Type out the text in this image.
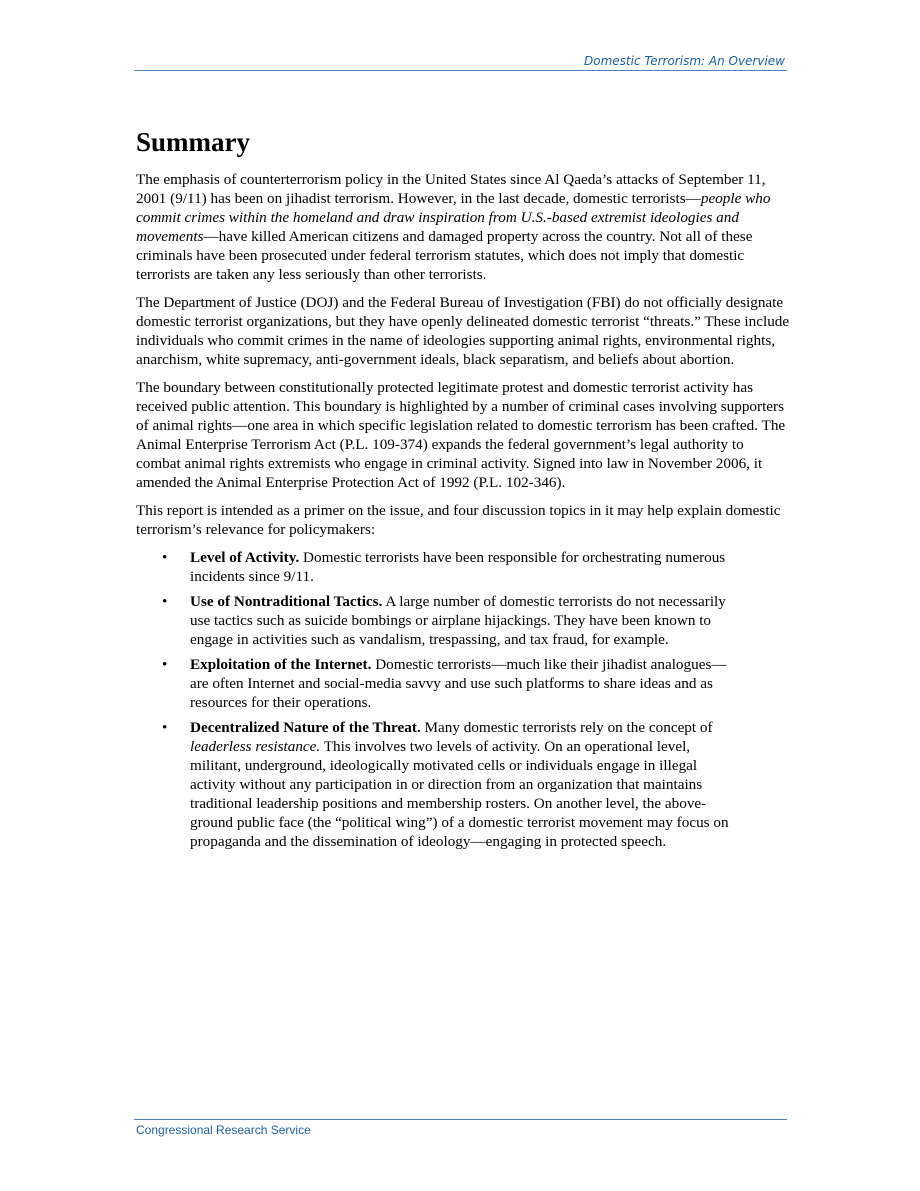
Domestic Terrorism: An Overview
Summary

The emphasis of counterterrorism policy in the United States since Al Qaeda’s attacks of September 11, 2001 (9/11) has been on jihadist terrorism. However, in the last decade, domestic terrorists—people who commit crimes within the homeland and draw inspiration from U.S.-based extremist ideologies and movements—have killed American citizens and damaged property across the country. Not all of these criminals have been prosecuted under federal terrorism statutes, which does not imply that domestic terrorists are taken any less seriously than other terrorists.

The Department of Justice (DOJ) and the Federal Bureau of Investigation (FBI) do not officially designate domestic terrorist organizations, but they have openly delineated domestic terrorist “threats.” These include individuals who commit crimes in the name of ideologies supporting animal rights, environmental rights, anarchism, white supremacy, anti-government ideals, black separatism, and beliefs about abortion.

The boundary between constitutionally protected legitimate protest and domestic terrorist activity has received public attention. This boundary is highlighted by a number of criminal cases involving supporters of animal rights—one area in which specific legislation related to domestic terrorism has been crafted. The Animal Enterprise Terrorism Act (P.L. 109-374) expands the federal government’s legal authority to combat animal rights extremists who engage in criminal activity. Signed into law in November 2006, it amended the Animal Enterprise Protection Act of 1992 (P.L. 102-346).

This report is intended as a primer on the issue, and four discussion topics in it may help explain domestic terrorism’s relevance for policymakers:

• Level of Activity. Domestic terrorists have been responsible for orchestrating numerous incidents since 9/11.
• Use of Nontraditional Tactics. A large number of domestic terrorists do not necessarily use tactics such as suicide bombings or airplane hijackings. They have been known to engage in activities such as vandalism, trespassing, and tax fraud, for example.
• Exploitation of the Internet. Domestic terrorists—much like their jihadist analogues—are often Internet and social-media savvy and use such platforms to share ideas and as resources for their operations.
• Decentralized Nature of the Threat. Many domestic terrorists rely on the concept of leaderless resistance. This involves two levels of activity. On an operational level, militant, underground, ideologically motivated cells or individuals engage in illegal activity without any participation in or direction from an organization that maintains traditional leadership positions and membership rosters. On another level, the above-ground public face (the “political wing”) of a domestic terrorist movement may focus on propaganda and the dissemination of ideology—engaging in protected speech.
Congressional Research Service
